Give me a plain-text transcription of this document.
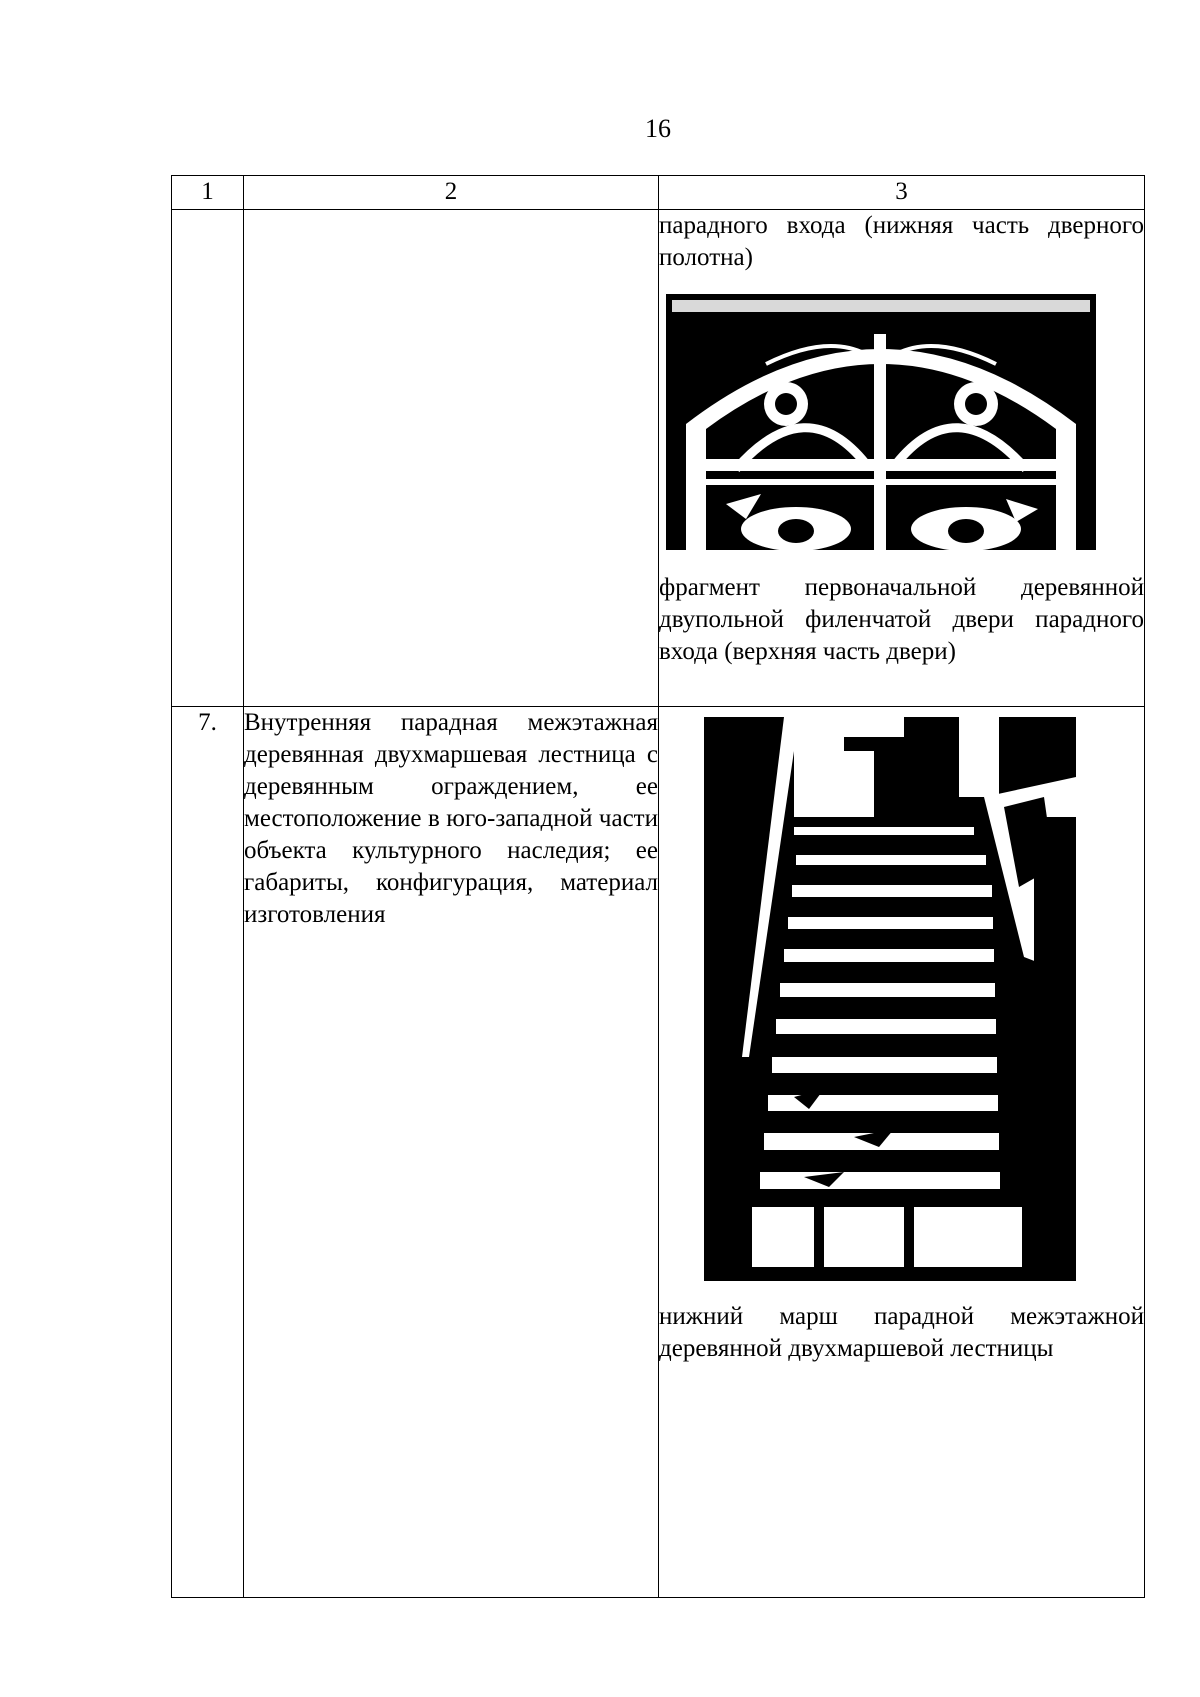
16
1	2	3

		парадного входа (нижняя часть дверного полотна)
фрагмент первоначальной деревянной двупольной филенчатой двери парадного входа (верхняя часть двери)

7.	Внутренняя парадная межэтажная деревянная двухмаршевая лестница с деревянным ограждением, ее местоположение в юго-западной части объекта культурного наследия; ее габариты, конфигурация, материал изготовления	нижний марш парадной межэтажной деревянной двухмаршевой лестницы
